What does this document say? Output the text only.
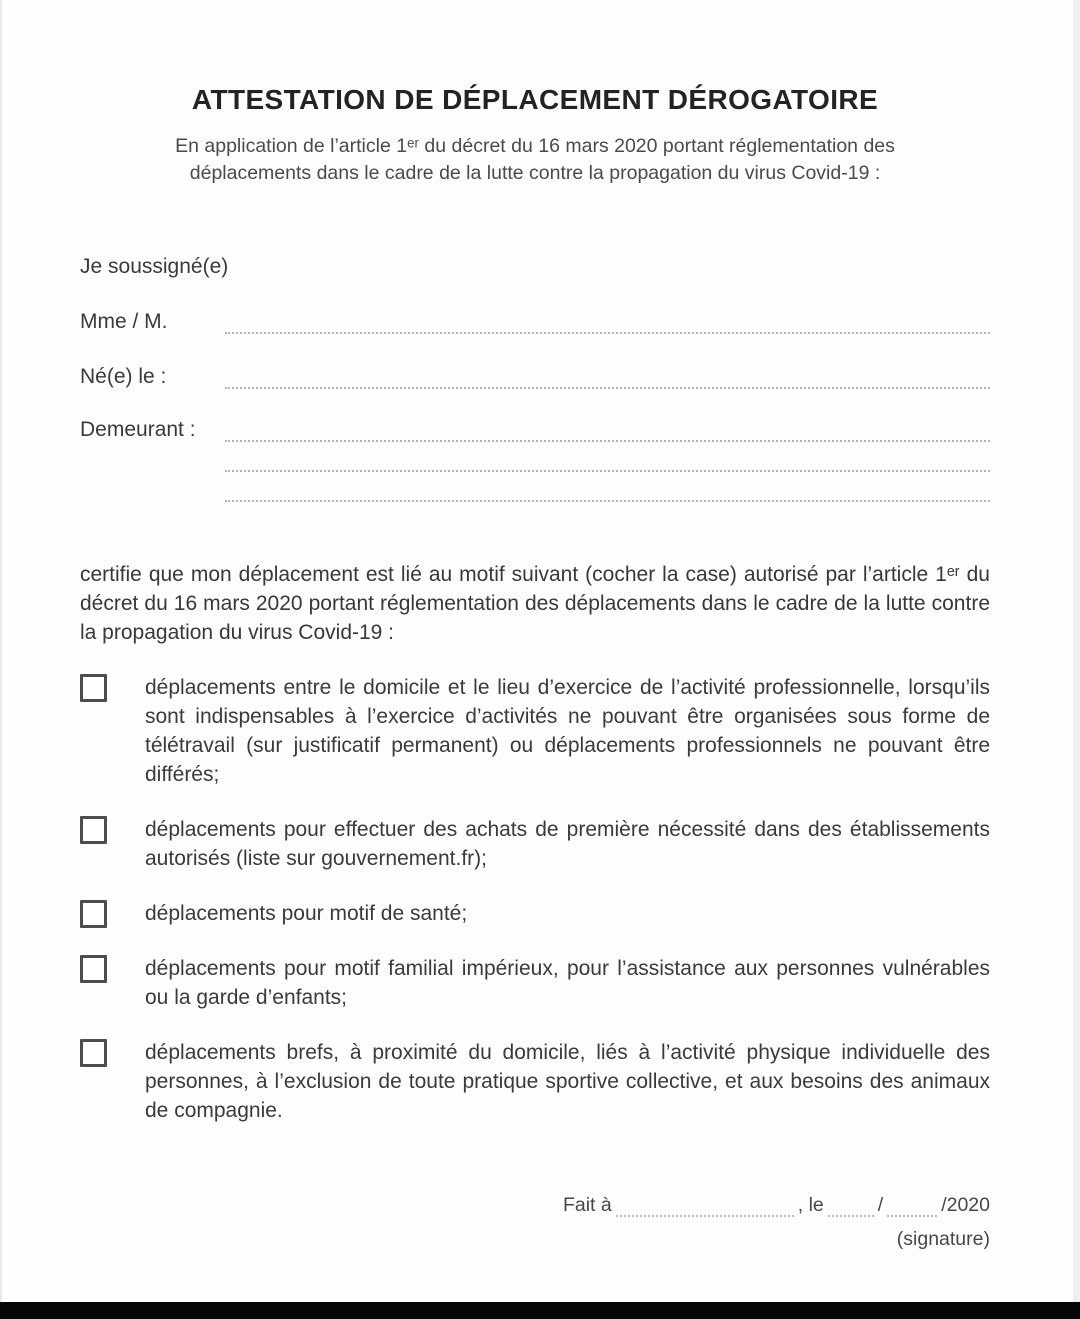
ATTESTATION DE DÉPLACEMENT DÉROGATOIRE

En application de l’article 1ᵉʳ du décret du 16 mars 2020 portant réglementation des déplacements dans le cadre de la lutte contre la propagation du virus Covid-19 :

Je soussigné(e)
Mme / M.
Né(e) le :
Demeurant :

certifie que mon déplacement est lié au motif suivant (cocher la case) autorisé par l’article 1ᵉʳ du décret du 16 mars 2020 portant réglementation des déplacements dans le cadre de la lutte contre la propagation du virus Covid-19 :

déplacements entre le domicile et le lieu d’exercice de l’activité professionnelle, lorsqu’ils sont indispensables à l’exercice d’activités ne pouvant être organisées sous forme de télétravail (sur justificatif permanent) ou déplacements professionnels ne pouvant être différés;
déplacements pour effectuer des achats de première nécessité dans des établissements autorisés (liste sur gouvernement.fr);
déplacements pour motif de santé;
déplacements pour motif familial impérieux, pour l’assistance aux personnes vulnérables ou la garde d’enfants;
déplacements brefs, à proximité du domicile, liés à l’activité physique individuelle des personnes, à l’exclusion de toute pratique sportive collective, et aux besoins des animaux de compagnie.
Fait à	, le	/	/2020
(signature)
